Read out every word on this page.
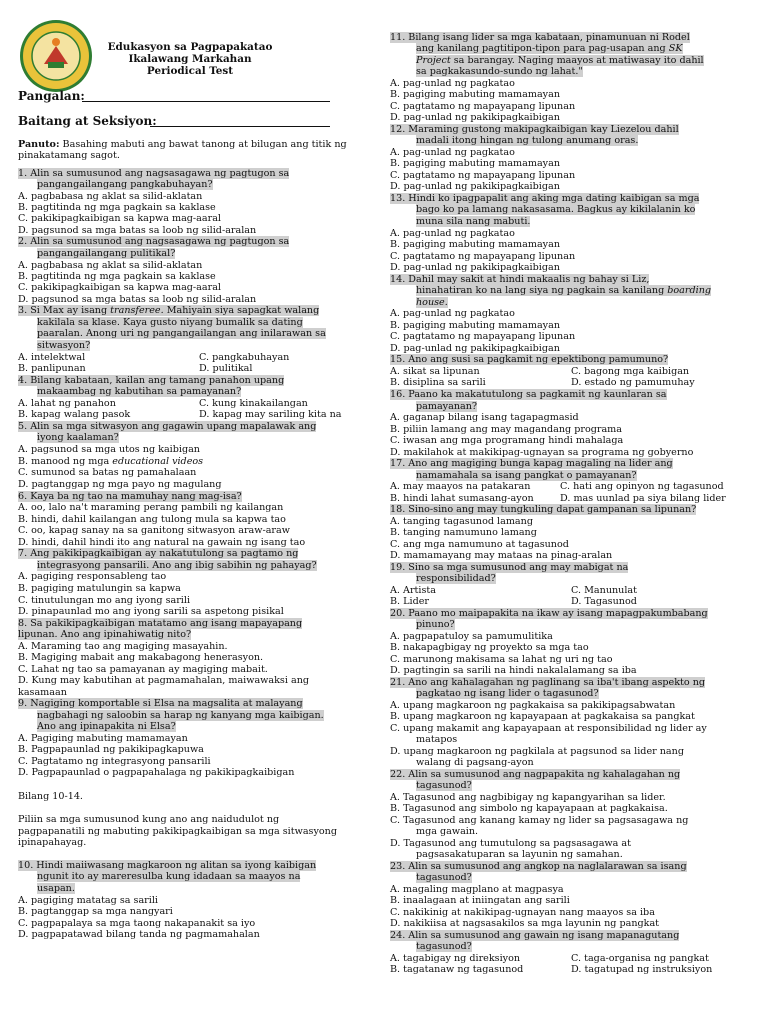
Edukasyon sa Pagpapakatao
Ikalawang Markahan
Periodical Test
Pangalan:
Baitang at Seksiyon:
Panuto: Basahing mabuti ang bawat tanong at bilugan ang titik ng
pinakatamang sagot.
1. Alin sa sumusunod ang nagsasagawa ng pagtugon sa
pangangailangang pangkabuhayan?
A. pagbabasa ng aklat sa silid-aklatan
B. pagtitinda ng mga pagkain sa kaklase
C. pakikipagkaibigan sa kapwa mag-aaral
D. pagsunod sa mga batas sa loob ng silid-aralan
2. Alin sa sumusunod ang nagsasagawa ng pagtugon sa
pangangailangang pulitikal?
A. pagbabasa ng aklat sa silid-aklatan
B. pagtitinda ng mga pagkain sa kaklase
C. pakikipagkaibigan sa kapwa mag-aaral
D. pagsunod sa mga batas sa loob ng silid-aralan
3. Si Max ay isang transferee. Mahiyain siya sapagkat walang
kakilala sa klase. Kaya gusto niyang bumalik sa dating
paaralan. Anong uri ng pangangailangan ang inilarawan sa
sitwasyon?
A. intelektwal	C. pangkabuhayan
B. panlipunan	D. pulitikal
4. Bilang kabataan, kailan ang tamang panahon upang
makaambag ng kabutihan sa pamayanan?
A. lahat ng panahon	C. kung kinakailangan
B. kapag walang pasok	D. kapag may sariling kita na
5. Alin sa mga sitwasyon ang gagawin upang mapalawak ang
iyong kaalaman?
A. pagsunod sa mga utos ng kaibigan
B. manood ng mga educational videos
C. sumunod sa batas ng pamahalaan
D. pagtanggap ng mga payo ng magulang
6. Kaya ba ng tao na mamuhay nang mag-isa?
A. oo, lalo na't maraming perang pambili ng kailangan
B. hindi, dahil kailangan ang tulong mula sa kapwa tao
C. oo, kapag sanay na sa ganitong sitwasyon araw-araw
D. hindi, dahil hindi ito ang natural na gawain ng isang tao
7. Ang pakikipagkaibigan ay nakatutulong sa pagtamo ng
integrasyong pansarili. Ano ang ibig sabihin ng pahayag?
A. pagiging responsableng tao
B. pagiging matulungin sa kapwa
C. tinutulungan mo ang iyong sarili
D. pinapaunlad mo ang iyong sarili sa aspetong pisikal
8. Sa pakikipagkaibigan matatamo ang isang mapayapang
lipunan. Ano ang ipinahiwatig nito?
A. Maraming tao ang magiging masayahin.
B. Magiging mabait ang makabagong henerasyon.
C. Lahat ng tao sa pamayanan ay magiging mabait.
D. Kung may kabutihan at pagmamahalan, maiwawaksi ang
kasamaan
9. Nagiging komportable si Elsa na magsalita at malayang
nagbahagi ng saloobin sa harap ng kanyang mga kaibigan.
Ano ang ipinapakita ni Elsa?
A. Pagiging mabuting mamamayan
B. Pagpapaunlad ng pakikipagkapuwa
C. Pagtatamo ng integrasyong pansarili
D. Pagpapaunlad o pagpapahalaga ng pakikipagkaibigan
Bilang 10-14.
Piliin sa mga sumusunod kung ano ang naidudulot ng
pagpapanatili ng mabuting pakikipagkaibigan sa mga sitwasyong
ipinapahayag.
10. Hindi maiiwasang magkaroon ng alitan sa iyong kaibigan
ngunit ito ay mareresulba kung idadaan sa maayos na
usapan.
A. pagiging matatag sa sarili
B. pagtanggap sa mga nangyari
C. pagpapalaya sa mga taong nakapanakit sa iyo
D. pagpapatawad bilang tanda ng pagmamahalan
11. Bilang isang lider sa mga kabataan, pinamunuan ni Rodel
ang kanilang pagtitipon-tipon para pag-usapan ang SK
Project sa barangay. Naging maayos at matiwasay ito dahil
sa pagkakasundo-sundo ng lahat."
A. pag-unlad ng pagkatao
B. pagiging mabuting mamamayan
C. pagtatamo ng mapayapang lipunan
D. pag-unlad ng pakikipagkaibigan
12. Maraming gustong makipagkaibigan kay Liezelou dahil
madali itong hingan ng tulong anumang oras.
A. pag-unlad ng pagkatao
B. pagiging mabuting mamamayan
C. pagtatamo ng mapayapang lipunan
D. pag-unlad ng pakikipagkaibigan
13. Hindi ko ipagpapalit ang aking mga dating kaibigan sa mga
bago ko pa lamang nakasasama. Bagkus ay kikilalanin ko
muna sila nang mabuti.
A. pag-unlad ng pagkatao
B. pagiging mabuting mamamayan
C. pagtatamo ng mapayapang lipunan
D. pag-unlad ng pakikipagkaibigan
14. Dahil may sakit at hindi makaalis ng bahay si Liz,
hinahatiran ko na lang siya ng pagkain sa kanilang boarding
house.
A. pag-unlad ng pagkatao
B. pagiging mabuting mamamayan
C. pagtatamo ng mapayapang lipunan
D. pag-unlad ng pakikipagkaibigan
15. Ano ang susi sa pagkamit ng epektibong pamumuno?
A. sikat sa lipunan	C. bagong mga kaibigan
B. disiplina sa sarili	D. estado ng pamumuhay
16. Paano ka makatutulong sa pagkamit ng kaunlaran sa
pamayanan?
A. gaganap bilang isang tagapagmasid
B. piliin lamang ang may magandang programa
C. iwasan ang mga programang hindi mahalaga
D. makilahok at makikipag-ugnayan sa programa ng gobyerno
17. Ano ang magiging bunga kapag magaling na lider ang
namamahala sa isang pangkat o pamayanan?
A. may maayos na patakaran	C. hati ang opinyon ng tagasunod
B. hindi lahat sumasang-ayon	D. mas uunlad pa siya bilang lider
18. Sino-sino ang may tungkuling dapat gampanan sa lipunan?
A. tanging tagasunod lamang
B. tanging namumuno lamang
C. ang mga namumuno at tagasunod
D. mamamayang may mataas na pinag-aralan
19. Sino sa mga sumusunod ang may mabigat na
responsibilidad?
A. Artista	C. Manunulat
B. Lider	D. Tagasunod
20. Paano mo maipapakita na ikaw ay isang mapagpakumbabang
pinuno?
A. pagpapatuloy sa pamumulitika
B. nakapagbigay ng proyekto sa mga tao
C. marunong makisama sa lahat ng uri ng tao
D. pagtingin sa sarili na hindi nakalalamang sa iba
21. Ano ang kahalagahan ng paglinang sa iba't ibang aspekto ng
pagkatao ng isang lider o tagasunod?
A. upang magkaroon ng pagkakaisa sa pakikipagsabwatan
B. upang magkaroon ng kapayapaan at pagkakaisa sa pangkat
C. upang makamit ang kapayapaan at responsibilidad ng lider ay
matapos
D. upang magkaroon ng pagkilala at pagsunod sa lider nang
walang di pagsang-ayon
22. Alin sa sumusunod ang nagpapakita ng kahalagahan ng
tagasunod?
A. Tagasunod ang nagbibigay ng kapangyarihan sa lider.
B. Tagasunod ang simbolo ng kapayapaan at pagkakaisa.
C. Tagasunod ang kanang kamay ng lider sa pagsasagawa ng
mga gawain.
D. Tagasunod ang tumutulong sa pagsasagawa at
pagsasakatuparan sa layunin ng samahan.
23. Alin sa sumusunod ang angkop na naglalarawan sa isang
tagasunod?
A. magaling magplano at magpasya
B. inaalagaan at iniingatan ang sarili
C. nakikinig at nakikipag-ugnayan nang maayos sa iba
D. nakikiisa at nagsasakilos sa mga layunin ng pangkat
24. Alin sa sumusunod ang gawain ng isang mapanagutang
tagasunod?
A. tagabigay ng direksiyon	C. taga-organisa ng pangkat
B. tagatanaw ng tagasunod	D. tagatupad ng instruksiyon
